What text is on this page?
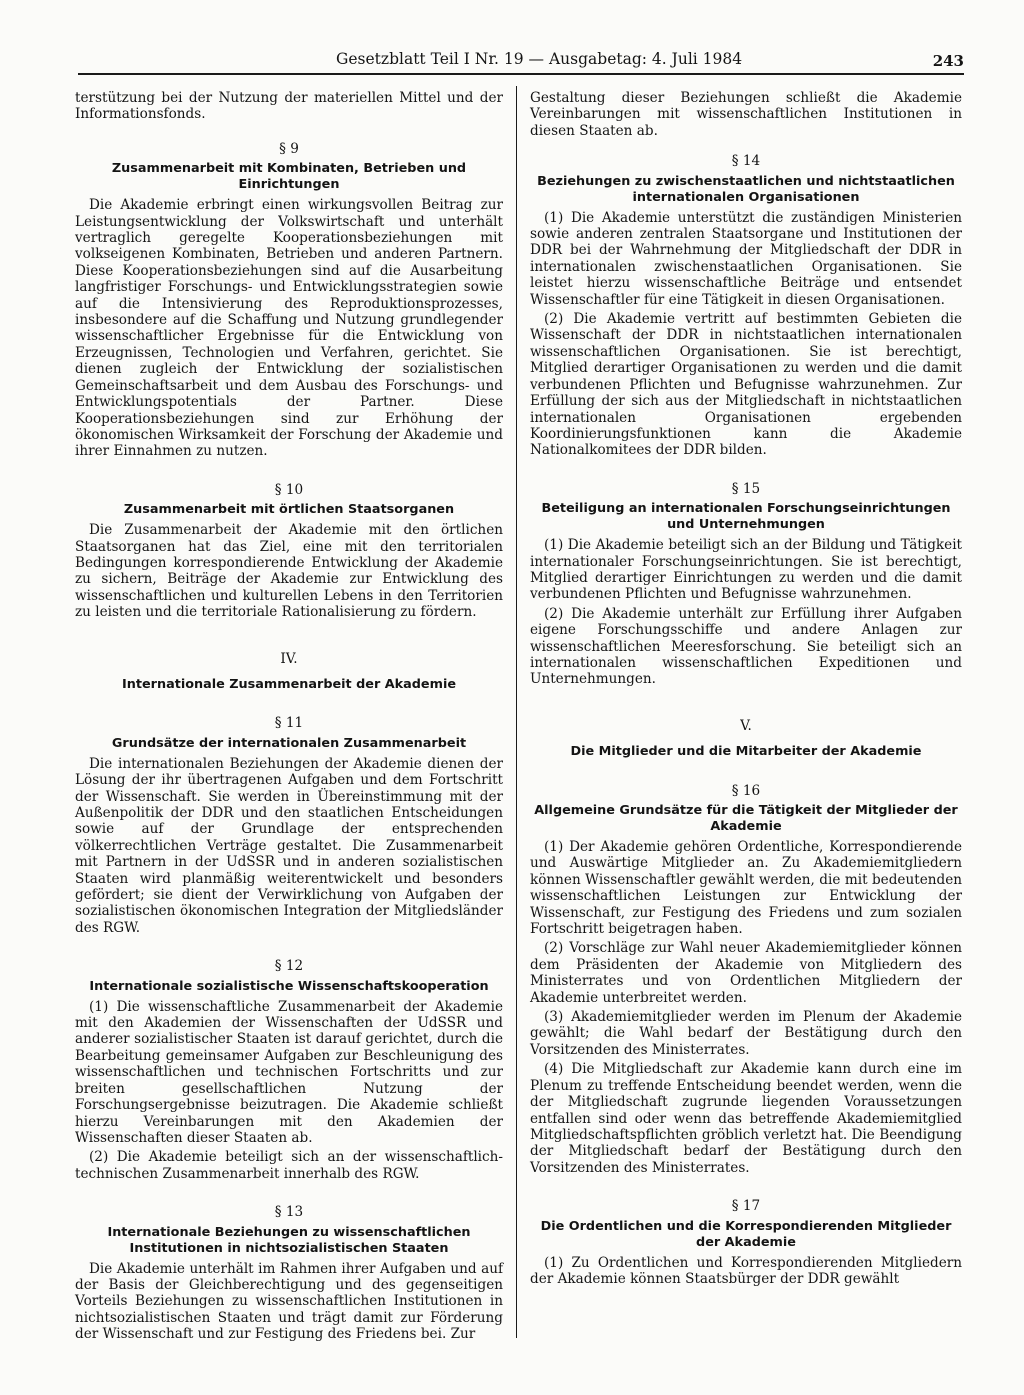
Gesetzblatt Teil I Nr. 19 — Ausgabetag: 4. Juli 1984	243

terstützung bei der Nutzung der materiellen Mittel und der Informationsfonds.

§ 9
Zusammenarbeit mit Kombinaten, Betrieben und Einrichtungen

Die Akademie erbringt einen wirkungsvollen Beitrag zur Leistungsentwicklung der Volkswirtschaft und unterhält vertraglich geregelte Kooperationsbeziehungen mit volkseigenen Kombinaten, Betrieben und anderen Partnern. Diese Kooperationsbeziehungen sind auf die Ausarbeitung langfristiger Forschungs- und Entwicklungsstrategien sowie auf die Intensivierung des Reproduktionsprozesses, insbesondere auf die Schaffung und Nutzung grundlegender wissenschaftlicher Ergebnisse für die Entwicklung von Erzeugnissen, Technologien und Verfahren, gerichtet. Sie dienen zugleich der Entwicklung der sozialistischen Gemeinschaftsarbeit und dem Ausbau des Forschungs- und Entwicklungspotentials der Partner. Diese Kooperationsbeziehungen sind zur Erhöhung der ökonomischen Wirksamkeit der Forschung der Akademie und ihrer Einnahmen zu nutzen.

§ 10
Zusammenarbeit mit örtlichen Staatsorganen

Die Zusammenarbeit der Akademie mit den örtlichen Staatsorganen hat das Ziel, eine mit den territorialen Bedingungen korrespondierende Entwicklung der Akademie zu sichern, Beiträge der Akademie zur Entwicklung des wissenschaftlichen und kulturellen Lebens in den Territorien zu leisten und die territoriale Rationalisierung zu fördern.

IV.
Internationale Zusammenarbeit der Akademie
§ 11
Grundsätze der internationalen Zusammenarbeit

Die internationalen Beziehungen der Akademie dienen der Lösung der ihr übertragenen Aufgaben und dem Fortschritt der Wissenschaft. Sie werden in Übereinstimmung mit der Außenpolitik der DDR und den staatlichen Entscheidungen sowie auf der Grundlage der entsprechenden völkerrechtlichen Verträge gestaltet. Die Zusammenarbeit mit Partnern in der UdSSR und in anderen sozialistischen Staaten wird planmäßig weiterentwickelt und besonders gefördert; sie dient der Verwirklichung von Aufgaben der sozialistischen ökonomischen Integration der Mitgliedsländer des RGW.

§ 12
Internationale sozialistische Wissenschaftskooperation

(1) Die wissenschaftliche Zusammenarbeit der Akademie mit den Akademien der Wissenschaften der UdSSR und anderer sozialistischer Staaten ist darauf gerichtet, durch die Bearbeitung gemeinsamer Aufgaben zur Beschleunigung des wissenschaftlichen und technischen Fortschritts und zur breiten gesellschaftlichen Nutzung der Forschungsergebnisse beizutragen. Die Akademie schließt hierzu Vereinbarungen mit den Akademien der Wissenschaften dieser Staaten ab.

(2) Die Akademie beteiligt sich an der wissenschaftlich-technischen Zusammenarbeit innerhalb des RGW.

§ 13
Internationale Beziehungen zu wissenschaftlichen Institutionen in nichtsozialistischen Staaten

Die Akademie unterhält im Rahmen ihrer Aufgaben und auf der Basis der Gleichberechtigung und des gegenseitigen Vorteils Beziehungen zu wissenschaftlichen Institutionen in nichtsozialistischen Staaten und trägt damit zur Förderung der Wissenschaft und zur Festigung des Friedens bei. Zur

Gestaltung dieser Beziehungen schließt die Akademie Vereinbarungen mit wissenschaftlichen Institutionen in diesen Staaten ab.

§ 14
Beziehungen zu zwischenstaatlichen und nichtstaatlichen internationalen Organisationen

(1) Die Akademie unterstützt die zuständigen Ministerien sowie anderen zentralen Staatsorgane und Institutionen der DDR bei der Wahrnehmung der Mitgliedschaft der DDR in internationalen zwischenstaatlichen Organisationen. Sie leistet hierzu wissenschaftliche Beiträge und entsendet Wissenschaftler für eine Tätigkeit in diesen Organisationen.

(2) Die Akademie vertritt auf bestimmten Gebieten die Wissenschaft der DDR in nichtstaatlichen internationalen wissenschaftlichen Organisationen. Sie ist berechtigt, Mitglied derartiger Organisationen zu werden und die damit verbundenen Pflichten und Befugnisse wahrzunehmen. Zur Erfüllung der sich aus der Mitgliedschaft in nichtstaatlichen internationalen Organisationen ergebenden Koordinierungsfunktionen kann die Akademie Nationalkomitees der DDR bilden.

§ 15
Beteiligung an internationalen Forschungseinrichtungen und Unternehmungen

(1) Die Akademie beteiligt sich an der Bildung und Tätigkeit internationaler Forschungseinrichtungen. Sie ist berechtigt, Mitglied derartiger Einrichtungen zu werden und die damit verbundenen Pflichten und Befugnisse wahrzunehmen.

(2) Die Akademie unterhält zur Erfüllung ihrer Aufgaben eigene Forschungsschiffe und andere Anlagen zur wissenschaftlichen Meeresforschung. Sie beteiligt sich an internationalen wissenschaftlichen Expeditionen und Unternehmungen.

V.
Die Mitglieder und die Mitarbeiter der Akademie
§ 16
Allgemeine Grundsätze für die Tätigkeit der Mitglieder der Akademie

(1) Der Akademie gehören Ordentliche, Korrespondierende und Auswärtige Mitglieder an. Zu Akademiemitgliedern können Wissenschaftler gewählt werden, die mit bedeutenden wissenschaftlichen Leistungen zur Entwicklung der Wissenschaft, zur Festigung des Friedens und zum sozialen Fortschritt beigetragen haben.

(2) Vorschläge zur Wahl neuer Akademiemitglieder können dem Präsidenten der Akademie von Mitgliedern des Ministerrates und von Ordentlichen Mitgliedern der Akademie unterbreitet werden.

(3) Akademiemitglieder werden im Plenum der Akademie gewählt; die Wahl bedarf der Bestätigung durch den Vorsitzenden des Ministerrates.

(4) Die Mitgliedschaft zur Akademie kann durch eine im Plenum zu treffende Entscheidung beendet werden, wenn die der Mitgliedschaft zugrunde liegenden Voraussetzungen entfallen sind oder wenn das betreffende Akademiemitglied Mitgliedschaftspflichten gröblich verletzt hat. Die Beendigung der Mitgliedschaft bedarf der Bestätigung durch den Vorsitzenden des Ministerrates.

§ 17
Die Ordentlichen und die Korrespondierenden Mitglieder der Akademie

(1) Zu Ordentlichen und Korrespondierenden Mitgliedern der Akademie können Staatsbürger der DDR gewählt
